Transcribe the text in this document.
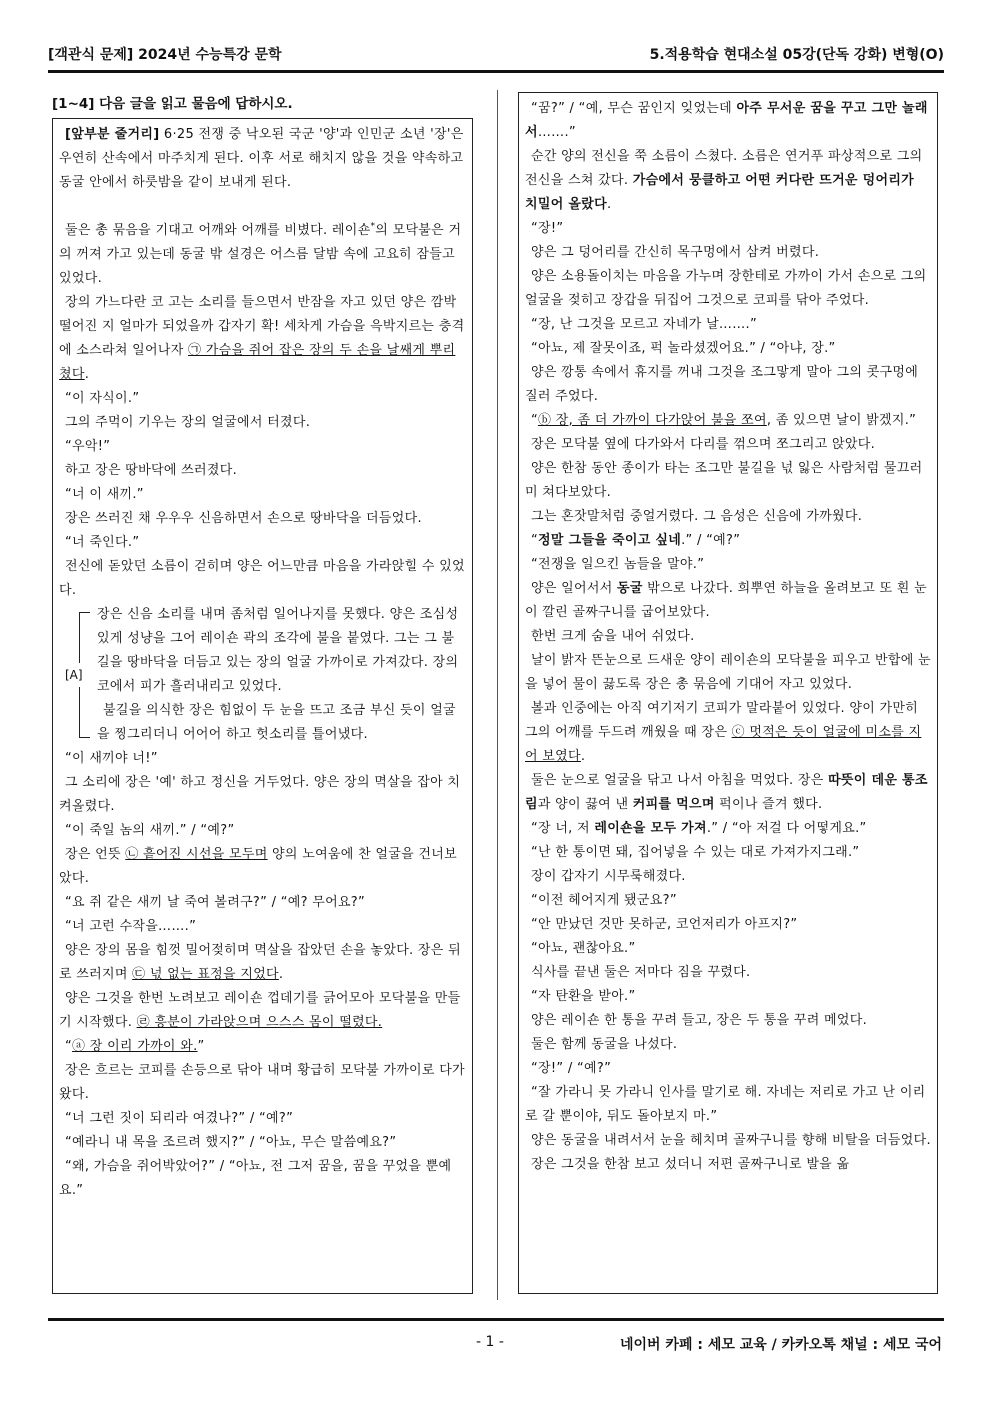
[객관식 문제] 2024년 수능특강 문학	5.적용학습 현대소설 05강(단독 강화) 변형(O)
[1~4] 다음 글을 읽고 물음에 답하시오.

[앞부분 줄거리] 6·25 전쟁 중 낙오된 국군 '양'과 인민군 소년 '장'은 우연히 산속에서 마주치게 된다. 이후 서로 해치지 않을 것을 약속하고 동굴 안에서 하룻밤을 같이 보내게 된다.

둘은 총 묶음을 기대고 어깨와 어깨를 비볐다. 레이숀*의 모닥불은 거의 꺼져 가고 있는데 동굴 밖 설경은 어스름 달밤 속에 고요히 잠들고 있었다.

장의 가느다란 코 고는 소리를 들으면서 반잠을 자고 있던 양은 깜박 떨어진 지 얼마가 되었을까 갑자기 확! 세차게 가슴을 윽박지르는 충격에 소스라쳐 일어나자 ㉠ 가슴을 쥐어 잡은 장의 두 손을 날쌔게 뿌리쳤다.

“이 자식이.”

그의 주먹이 기우는 장의 얼굴에서 터졌다.

“우악!”

하고 장은 땅바닥에 쓰러졌다.

“너 이 새끼.”

장은 쓰러진 채 우우우 신음하면서 손으로 땅바닥을 더듬었다.

“너 죽인다.”

전신에 돋았던 소름이 걷히며 양은 어느만큼 마음을 가라앉힐 수 있었다.

[A]

장은 신음 소리를 내며 좀처럼 일어나지를 못했다. 양은 조심성 있게 성냥을 그어 레이숀 곽의 조각에 불을 붙였다. 그는 그 불길을 땅바닥을 더듬고 있는 장의 얼굴 가까이로 가져갔다. 장의 코에서 피가 흘러내리고 있었다.

불길을 의식한 장은 힘없이 두 눈을 뜨고 조금 부신 듯이 얼굴을 찡그리더니 어어어 하고 헛소리를 틀어냈다.

“이 새끼야 너!”

그 소리에 장은 '예' 하고 정신을 거두었다. 양은 장의 멱살을 잡아 치켜올렸다.

“이 죽일 놈의 새끼.” / “예?”

장은 언뜻 ㉡ 흩어진 시선을 모두며 양의 노여움에 찬 얼굴을 건너보았다.

“요 쥐 같은 새끼 날 죽여 볼려구?” / “예? 무어요?”

“너 고런 수작을…….”

양은 장의 몸을 힘껏 밀어젖히며 멱살을 잡았던 손을 놓았다. 장은 뒤로 쓰러지며 ㉢ 넋 없는 표정을 지었다.

양은 그것을 한번 노려보고 레이숀 껍데기를 긁어모아 모닥불을 만들기 시작했다. ㉣ 흥분이 가라앉으며 으스스 몸이 떨렸다.

“ⓐ 장 이리 가까이 와.”

장은 흐르는 코피를 손등으로 닦아 내며 황급히 모닥불 가까이로 다가왔다.

“너 그런 짓이 되리라 여겼나?” / “예?”

“예라니 내 목을 조르려 했지?” / “아뇨, 무슨 말씀예요?”

“왜, 가슴을 쥐어박았어?” / “아뇨, 전 그저 꿈을, 꿈을 꾸었을 뿐예요.”

“꿈?” / “예, 무슨 꿈인지 잊었는데 아주 무서운 꿈을 꾸고 그만 놀래서…….”

순간 양의 전신을 쭉 소름이 스쳤다. 소름은 연거푸 파상적으로 그의 전신을 스쳐 갔다. 가슴에서 뭉클하고 어떤 커다란 뜨거운 덩어리가 치밀어 올랐다.

“장!”

양은 그 덩어리를 간신히 목구멍에서 삼켜 버렸다.

양은 소용돌이치는 마음을 가누며 장한테로 가까이 가서 손으로 그의 얼굴을 젖히고 장갑을 뒤집어 그것으로 코피를 닦아 주었다.

“장, 난 그것을 모르고 자네가 날…….”

“아뇨, 제 잘못이죠, 퍽 놀라셨겠어요.” / “아냐, 장.”

양은 깡통 속에서 휴지를 꺼내 그것을 조그맣게 말아 그의 콧구멍에 질러 주었다.

“ⓑ 장, 좀 더 가까이 다가앉어 불을 쪼여, 좀 있으면 날이 밝겠지.”

장은 모닥불 옆에 다가와서 다리를 꺾으며 쪼그리고 앉았다.

양은 한참 동안 종이가 타는 조그만 불길을 넋 잃은 사람처럼 물끄러미 쳐다보았다.

그는 혼잣말처럼 중얼거렸다. 그 음성은 신음에 가까웠다.

“정말 그들을 죽이고 싶네.” / “예?”

“전쟁을 일으킨 놈들을 말야.”

양은 일어서서 동굴 밖으로 나갔다. 희뿌연 하늘을 올려보고 또 흰 눈이 깔린 골짜구니를 굽어보았다.

한번 크게 숨을 내어 쉬었다.

날이 밝자 뜬눈으로 드새운 양이 레이숀의 모닥불을 피우고 반합에 눈을 넣어 물이 끓도록 장은 총 묶음에 기대어 자고 있었다.

볼과 인중에는 아직 여기저기 코피가 말라붙어 있었다. 양이 가만히 그의 어깨를 두드려 깨웠을 때 장은 ⓒ 멋적은 듯이 얼굴에 미소를 지어 보였다.

둘은 눈으로 얼굴을 닦고 나서 아침을 먹었다. 장은 따뜻이 데운 통조림과 양이 끓여 낸 커피를 먹으며 퍽이나 즐겨 했다.

“장 너, 저 레이숀을 모두 가져.” / “아 저걸 다 어떻게요.”

“난 한 통이면 돼, 집어넣을 수 있는 대로 가져가지그래.”

장이 갑자기 시무룩해졌다.

“이전 헤어지게 됐군요?”

“안 만났던 것만 못하군, 코언저리가 아프지?”

“아뇨, 괜찮아요.”

식사를 끝낸 둘은 저마다 짐을 꾸렸다.

“자 탄환을 받아.”

양은 레이숀 한 통을 꾸려 들고, 장은 두 통을 꾸려 메었다.

둘은 함께 동굴을 나섰다.

“장!” / “예?”

“잘 가라니 못 가라니 인사를 말기로 해. 자네는 저리로 가고 난 이리로 갈 뿐이야, 뒤도 돌아보지 마.”

양은 동굴을 내려서서 눈을 헤치며 골짜구니를 향해 비탈을 더듬었다.

장은 그것을 한참 보고 섰더니 저편 골짜구니로 발을 옮

- 1 -	네이버 카페 : 세모 교육 / 카카오톡 채널 : 세모 국어
